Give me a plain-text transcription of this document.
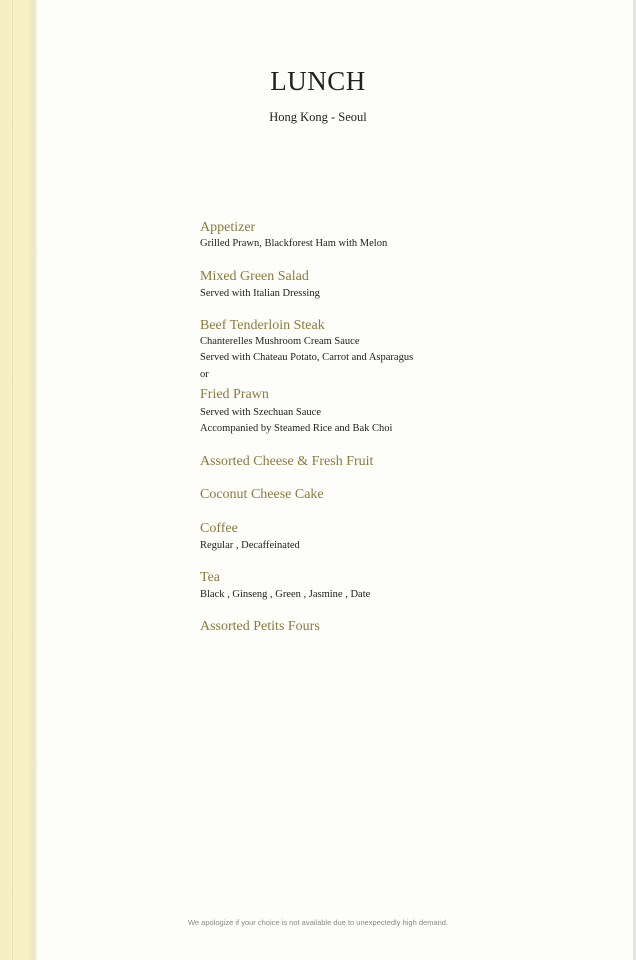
LUNCH
Hong Kong - Seoul
Appetizer
Grilled Prawn, Blackforest Ham with Melon
Mixed Green Salad
Served with Italian Dressing
Beef Tenderloin Steak
Chanterelles Mushroom Cream Sauce
Served with Chateau Potato, Carrot and Asparagus
or
Fried Prawn
Served with Szechuan Sauce
Accompanied by Steamed Rice and Bak Choi
Assorted Cheese & Fresh Fruit
Coconut Cheese Cake
Coffee
Regular , Decaffeinated
Tea
Black , Ginseng , Green , Jasmine , Date
Assorted Petits Fours
We apologize if your choice is not available due to unexpectedly high demand.
